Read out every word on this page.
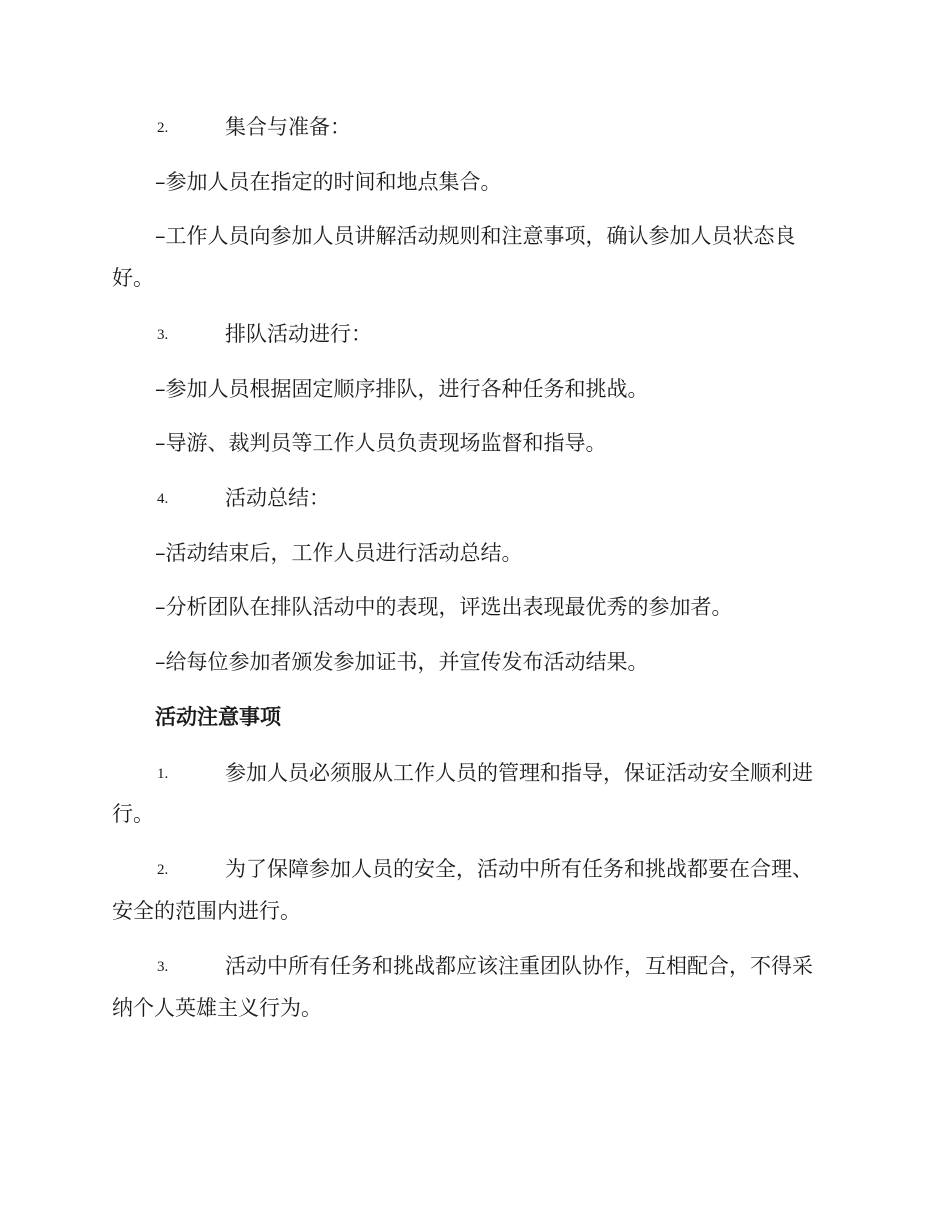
2.	集合与准备：
–参加人员在指定的时间和地点集合。
–工作人员向参加人员讲解活动规则和注意事项，确认参加人员状态良
好。
3.	排队活动进行：
–参加人员根据固定顺序排队，进行各种任务和挑战。
–导游、裁判员等工作人员负责现场监督和指导。
4.	活动总结：
–活动结束后，工作人员进行活动总结。
–分析团队在排队活动中的表现，评选出表现最优秀的参加者。
–给每位参加者颁发参加证书，并宣传发布活动结果。
活动注意事项
1.	参加人员必须服从工作人员的管理和指导，保证活动安全顺利进
行。
2.	为了保障参加人员的安全，活动中所有任务和挑战都要在合理、
安全的范围内进行。
3.	活动中所有任务和挑战都应该注重团队协作，互相配合，不得采
纳个人英雄主义行为。
